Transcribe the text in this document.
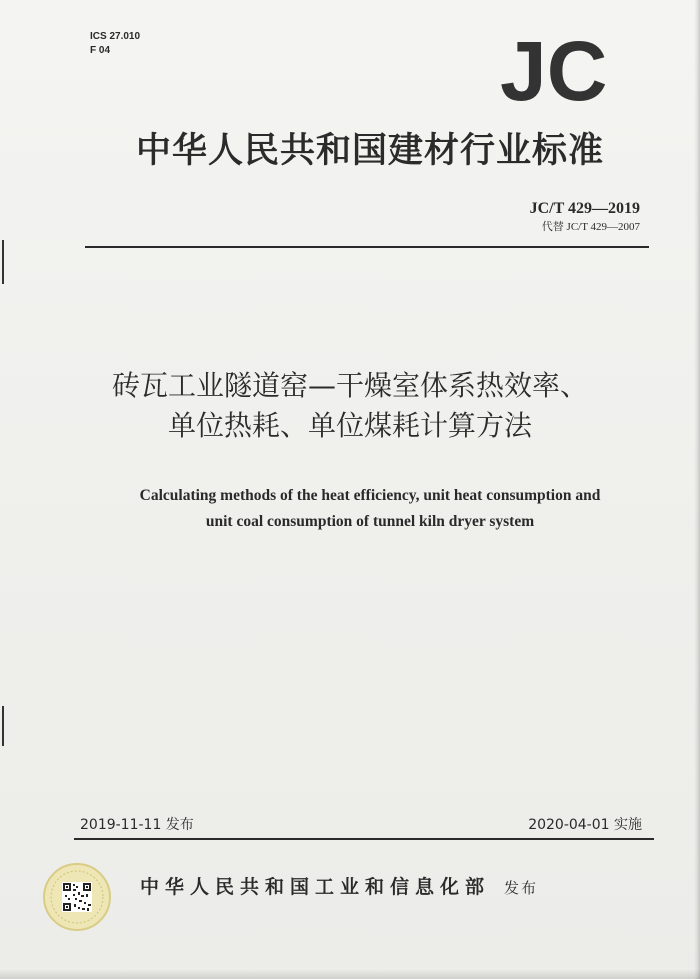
ICS 27.010
F 04	JC
中华人民共和国建材行业标准
JC/T 429—2019
代替 JC/T 429—2007
砖瓦工业隧道窑—干燥室体系热效率、
单位热耗、单位煤耗计算方法
Calculating methods of the heat efficiency, unit heat consumption and
unit coal consumption of tunnel kiln dryer system
2019-11-11 发布	2020-04-01 实施
中华人民共和国工业和信息化部 发布
